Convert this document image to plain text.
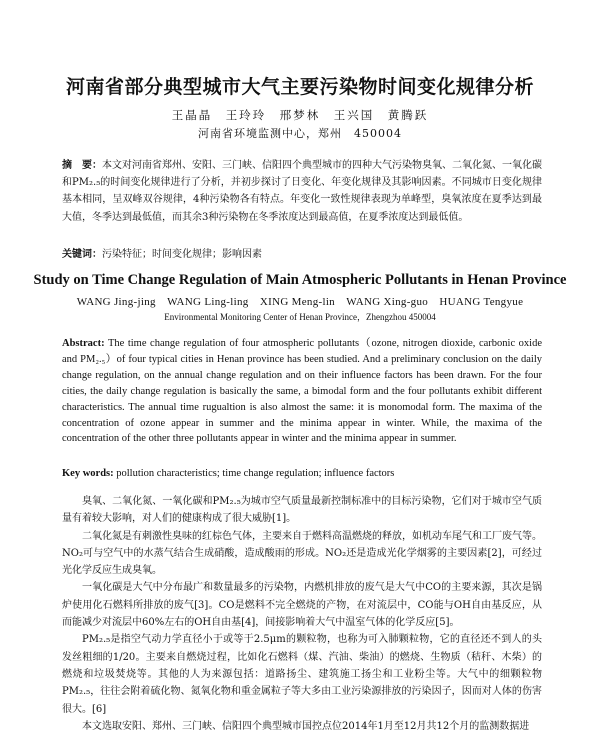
河南省部分典型城市大气主要污染物时间变化规律分析
王晶晶　王玲玲　邢梦林　王兴国　黄腾跃
河南省环境监测中心，郑州　450004
摘　要：本文对河南省郑州、安阳、三门峡、信阳四个典型城市的四种大气污染物臭氧、二氧化氮、一氧化碳和PM₂.₅的时间变化规律进行了分析，并初步探讨了日变化、年变化规律及其影响因素。不同城市日变化规律基本相同，呈双峰双谷规律，4种污染物各有特点。年变化一致性规律表现为单峰型，臭氧浓度在夏季达到最大值，冬季达到最低值，而其余3种污染物在冬季浓度达到最高值，在夏季浓度达到最低值。
关键词：污染特征；时间变化规律；影响因素
Study on Time Change Regulation of Main Atmospheric Pollutants in Henan Province
WANG Jing-jing　WANG Ling-ling　XING Meng-lin　WANG Xing-guo　HUANG Tengyue
Environmental Monitoring Center of Henan Province，Zhengzhou 450004
Abstract: The time change regulation of four atmospheric pollutants（ozone, nitrogen dioxide, carbonic oxide and PM₂.₅）of four typical cities in Henan province has been studied. And a preliminary conclusion on the daily change regulation, on the annual change regulation and on their influence factors has been drawn. For the four cities, the daily change regulation is basically the same, a bimodal form and the four pollutants exhibit different characteristics. The annual time rugualtion is also almost the same: it is monomodal form. The maxima of the concentration of ozone appear in summer and the minima appear in winter. While, the maxima of the concentration of the other three pollutants appear in winter and the minima appear in summer.
Key words: pollution characteristics; time change regulation; influence factors

臭氧、二氧化氮、一氧化碳和PM₂.₅为城市空气质量最新控制标准中的目标污染物，它们对于城市空气质量有着较大影响，对人们的健康构成了很大威胁[1]。

二氧化氮是有刺激性臭味的红棕色气体，主要来自于燃料高温燃烧的释放，如机动车尾气和工厂废气等。NO₂可与空气中的水蒸气结合生成硝酸，造成酸雨的形成。NO₂还是造成光化学烟雾的主要因素[2]，可经过光化学反应生成臭氧。

一氧化碳是大气中分布最广和数量最多的污染物，内燃机排放的废气是大气中CO的主要来源，其次是锅炉使用化石燃料所排放的废气[3]。CO是燃料不完全燃烧的产物，在对流层中，CO能与OH自由基反应，从而能减少对流层中60%左右的OH自由基[4]，间接影响着大气中温室气体的化学反应[5]。

PM₂.₅是指空气动力学直径小于或等于2.5μm的颗粒物，也称为可入肺颗粒物，它的直径还不到人的头发丝粗细的1/20。主要来自燃烧过程，比如化石燃料（煤、汽油、柴油）的燃烧、生物质（秸秆、木柴）的燃烧和垃圾焚烧等。其他的人为来源包括：道路扬尘、建筑施工扬尘和工业粉尘等。大气中的细颗粒物PM₂.₅，往往会附着硫化物、氮氧化物和重金属粒子等大多由工业污染源排放的污染因子，因而对人体的伤害很大。[6]

本文选取安阳、郑州、三门峡、信阳四个典型城市国控点位2014年1月至12月共12个月的监测数据进
